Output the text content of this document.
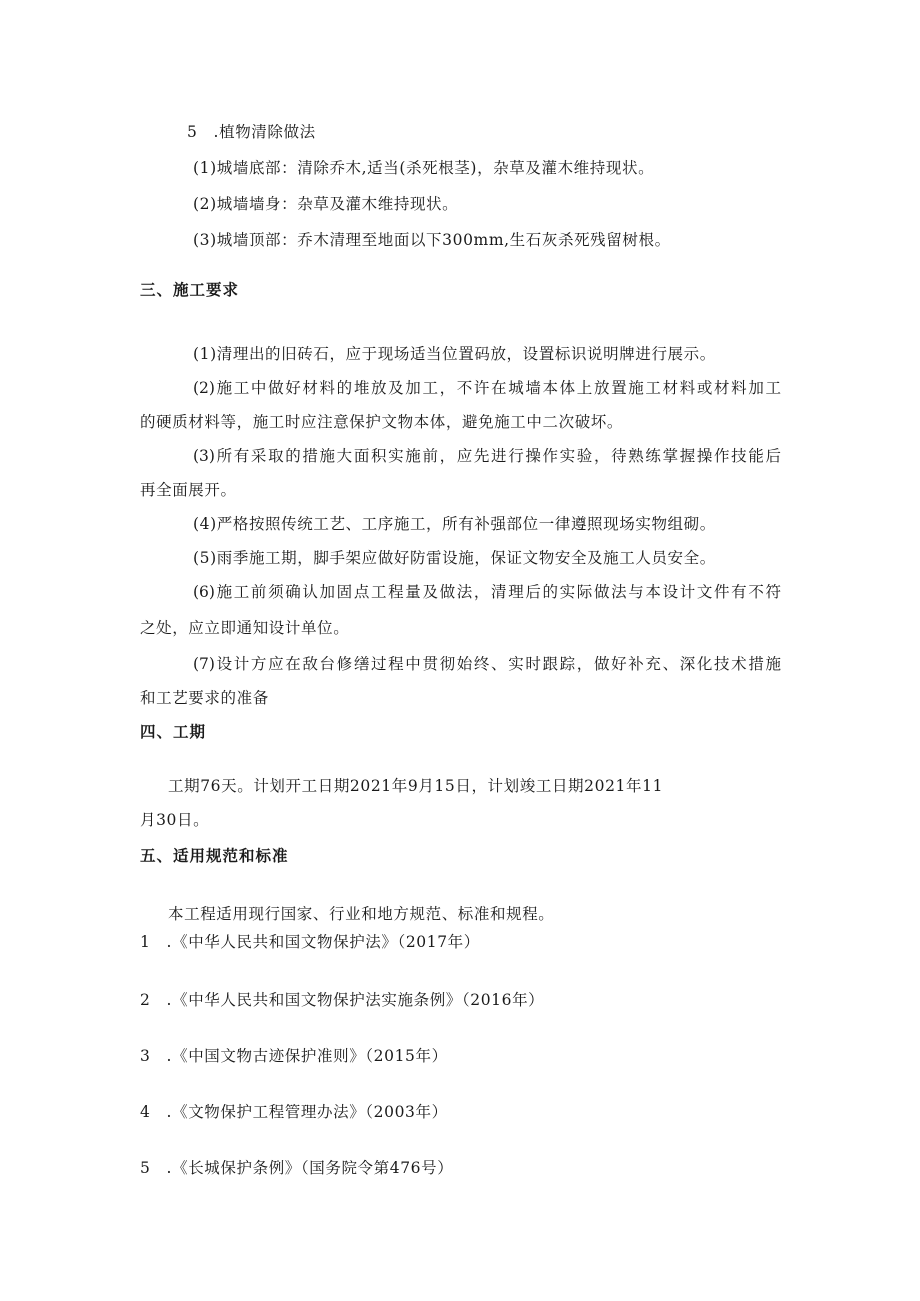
5　.植物清除做法
(1)城墙底部：清除乔木,适当(杀死根茎)，杂草及灌木维持现状。
(2)城墙墙身：杂草及灌木维持现状。
(3)城墙顶部：乔木清理至地面以下300mm,生石灰杀死残留树根。
三、施工要求
(1)清理出的旧砖石，应于现场适当位置码放，设置标识说明牌进行展示。
(2)施工中做好材料的堆放及加工，不许在城墙本体上放置施工材料或材料加工
的硬质材料等，施工时应注意保护文物本体，避免施工中二次破坏。
(3)所有采取的措施大面积实施前，应先进行操作实验，待熟练掌握操作技能后
再全面展开。
(4)严格按照传统工艺、工序施工，所有补强部位一律遵照现场实物组砌。
(5)雨季施工期，脚手架应做好防雷设施，保证文物安全及施工人员安全。
(6)施工前须确认加固点工程量及做法，清理后的实际做法与本设计文件有不符
之处，应立即通知设计单位。
(7)设计方应在敌台修缮过程中贯彻始终、实时跟踪，做好补充、深化技术措施
和工艺要求的准备
四、工期
工期76天。计划开工日期2021年9月15日，计划竣工日期2021年11
月30日。
五、适用规范和标准
本工程适用现行国家、行业和地方规范、标准和规程。
1　.《中华人民共和国文物保护法》（2017年）
2　.《中华人民共和国文物保护法实施条例》（2016年）
3　.《中国文物古迹保护准则》（2015年）
4　.《文物保护工程管理办法》（2003年）
5　.《长城保护条例》（国务院令第476号）
